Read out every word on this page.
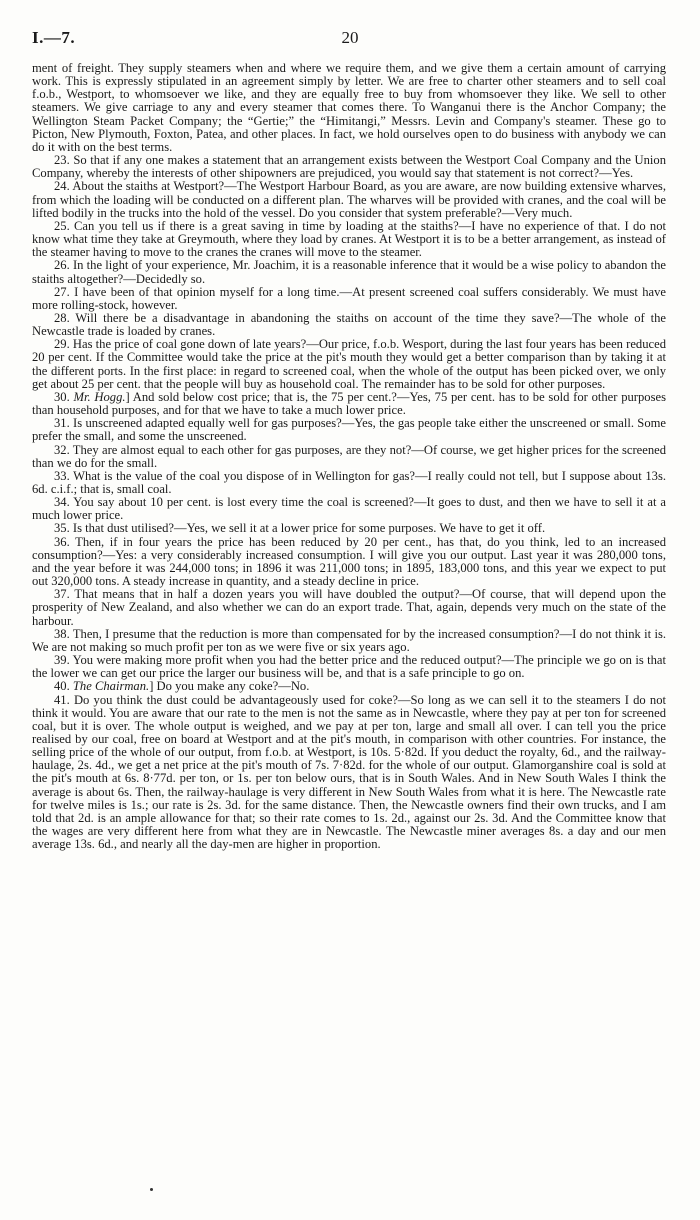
20
I.—7.

ment of freight. They supply steamers when and where we require them, and we give them a certain amount of carrying work. This is expressly stipulated in an agreement simply by letter. We are free to charter other steamers and to sell coal f.o.b., Westport, to whomsoever we like, and they are equally free to buy from whomsoever they like. We sell to other steamers. We give carriage to any and every steamer that comes there. To Wanganui there is the Anchor Company; the Wellington Steam Packet Company; the “Gertie;” the “Himitangi,” Messrs. Levin and Company's steamer. These go to Picton, New Plymouth, Foxton, Patea, and other places. In fact, we hold ourselves open to do business with anybody we can do it with on the best terms.

23. So that if any one makes a statement that an arrangement exists between the Westport Coal Company and the Union Company, whereby the interests of other shipowners are prejudiced, you would say that statement is not correct?—Yes.

24. About the staiths at Westport?—The Westport Harbour Board, as you are aware, are now building extensive wharves, from which the loading will be conducted on a different plan. The wharves will be provided with cranes, and the coal will be lifted bodily in the trucks into the hold of the vessel. Do you consider that system preferable?—Very much.

25. Can you tell us if there is a great saving in time by loading at the staiths?—I have no experience of that. I do not know what time they take at Greymouth, where they load by cranes. At Westport it is to be a better arrangement, as instead of the steamer having to move to the cranes the cranes will move to the steamer.

26. In the light of your experience, Mr. Joachim, it is a reasonable inference that it would be a wise policy to abandon the staiths altogether?—Decidedly so.

27. I have been of that opinion myself for a long time.—At present screened coal suffers considerably. We must have more rolling-stock, however.

28. Will there be a disadvantage in abandoning the staiths on account of the time they save?—The whole of the Newcastle trade is loaded by cranes.

29. Has the price of coal gone down of late years?—Our price, f.o.b. Wesport, during the last four years has been reduced 20 per cent. If the Committee would take the price at the pit's mouth they would get a better comparison than by taking it at the different ports. In the first place: in regard to screened coal, when the whole of the output has been picked over, we only get about 25 per cent. that the people will buy as household coal. The remainder has to be sold for other purposes.

30. Mr. Hogg.] And sold below cost price; that is, the 75 per cent.?—Yes, 75 per cent. has to be sold for other purposes than household purposes, and for that we have to take a much lower price.

31. Is unscreened adapted equally well for gas purposes?—Yes, the gas people take either the unscreened or small. Some prefer the small, and some the unscreened.

32. They are almost equal to each other for gas purposes, are they not?—Of course, we get higher prices for the screened than we do for the small.

33. What is the value of the coal you dispose of in Wellington for gas?—I really could not tell, but I suppose about 13s. 6d. c.i.f.; that is, small coal.

34. You say about 10 per cent. is lost every time the coal is screened?—It goes to dust, and then we have to sell it at a much lower price.

35. Is that dust utilised?—Yes, we sell it at a lower price for some purposes. We have to get it off.

36. Then, if in four years the price has been reduced by 20 per cent., has that, do you think, led to an increased consumption?—Yes: a very considerably increased consumption. I will give you our output. Last year it was 280,000 tons, and the year before it was 244,000 tons; in 1896 it was 211,000 tons; in 1895, 183,000 tons, and this year we expect to put out 320,000 tons. A steady increase in quantity, and a steady decline in price.

37. That means that in half a dozen years you will have doubled the output?—Of course, that will depend upon the prosperity of New Zealand, and also whether we can do an export trade. That, again, depends very much on the state of the harbour.

38. Then, I presume that the reduction is more than compensated for by the increased consumption?—I do not think it is. We are not making so much profit per ton as we were five or six years ago.

39. You were making more profit when you had the better price and the reduced output?—The principle we go on is that the lower we can get our price the larger our business will be, and that is a safe principle to go on.

40. The Chairman.] Do you make any coke?—No.

41. Do you think the dust could be advantageously used for coke?—So long as we can sell it to the steamers I do not think it would. You are aware that our rate to the men is not the same as in Newcastle, where they pay at per ton for screened coal, but it is over. The whole output is weighed, and we pay at per ton, large and small all over. I can tell you the price realised by our coal, free on board at Westport and at the pit's mouth, in comparison with other countries. For instance, the selling price of the whole of our output, from f.o.b. at Westport, is 10s. 5·82d. If you deduct the royalty, 6d., and the railway-haulage, 2s. 4d., we get a net price at the pit's mouth of 7s. 7·82d. for the whole of our output. Glamorganshire coal is sold at the pit's mouth at 6s. 8·77d. per ton, or 1s. per ton below ours, that is in South Wales. And in New South Wales I think the average is about 6s. Then, the railway-haulage is very different in New South Wales from what it is here. The Newcastle rate for twelve miles is 1s.; our rate is 2s. 3d. for the same distance. Then, the Newcastle owners find their own trucks, and I am told that 2d. is an ample allowance for that; so their rate comes to 1s. 2d., against our 2s. 3d. And the Committee know that the wages are very different here from what they are in Newcastle. The Newcastle miner averages 8s. a day and our men average 13s. 6d., and nearly all the day-men are higher in proportion.
